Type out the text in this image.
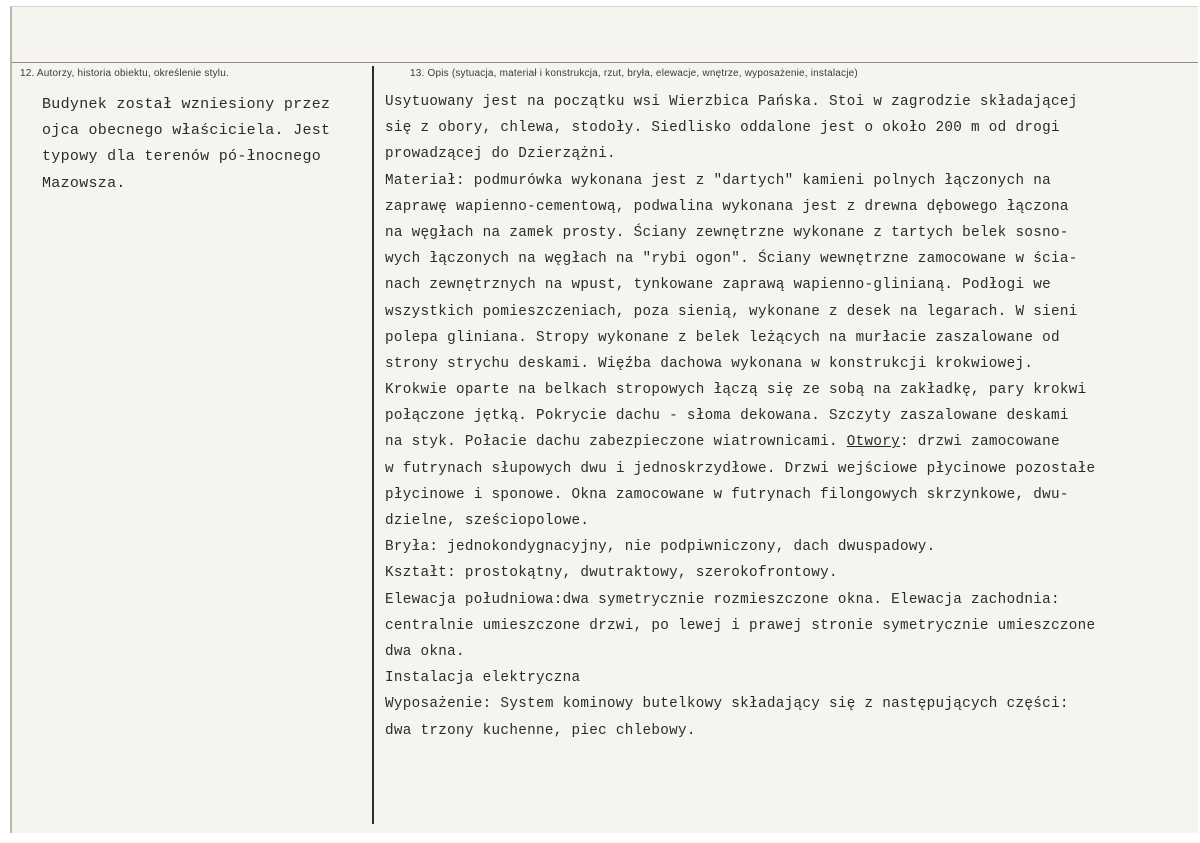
12. Autorzy, historia obiektu, określenie stylu.	13. Opis (sytuacja, materiał i konstrukcja, rzut, bryła, elewacje, wnętrze, wyposażenie, instalacje)
Budynek został wzniesiony przez
ojca obecnego właściciela. Jest
typowy dla terenów pó-łnocnego
Mazowsza.
Usytuowany jest na początku wsi Wierzbica Pańska. Stoi w zagrodzie składającej
się z obory, chlewa, stodoły. Siedlisko oddalone jest o około 200 m od drogi
prowadzącej do Dzierzążni.
Materiał: podmurówka wykonana jest z "dartych" kamieni polnych łączonych na
zaprawę wapienno-cementową, podwalina wykonana jest z drewna dębowego łączona
na węgłach na zamek prosty. Ściany zewnętrzne wykonane z tartych belek sosno-
wych łączonych na węgłach na "rybi ogon". Ściany wewnętrzne zamocowane w ścia-
nach zewnętrznych na wpust, tynkowane zaprawą wapienno-glinianą. Podłogi we
wszystkich pomieszczeniach, poza sienią, wykonane z desek na legarach. W sieni
polepa gliniana. Stropy wykonane z belek leżących na murłacie zaszalowane od
strony strychu deskami. Więźba dachowa wykonana w konstrukcji krokwiowej.
Krokwie oparte na belkach stropowych łączą się ze sobą na zakładkę, pary krokwi
połączone jętką. Pokrycie dachu - słoma dekowana. Szczyty zaszalowane deskami
na styk. Połacie dachu zabezpieczone wiatrownicami. Otwory: drzwi zamocowane
w futrynach słupowych dwu i jednoskrzydłowe. Drzwi wejściowe płycinowe pozostałe
płycinowe i sponowe. Okna zamocowane w futrynach filongowych skrzynkowe, dwu-
dzielne, sześciopolowe.
Bryła: jednokondygnacyjny, nie podpiwniczony, dach dwuspadowy.
Kształt: prostokątny, dwutraktowy, szerokofrontowy.
Elewacja południowa:dwa symetrycznie rozmieszczone okna. Elewacja zachodnia:
centralnie umieszczone drzwi, po lewej i prawej stronie symetrycznie umieszczone
dwa okna.
Instalacja elektryczna
Wyposażenie: System kominowy butelkowy składający się z następujących części:
dwa trzony kuchenne, piec chlebowy.
